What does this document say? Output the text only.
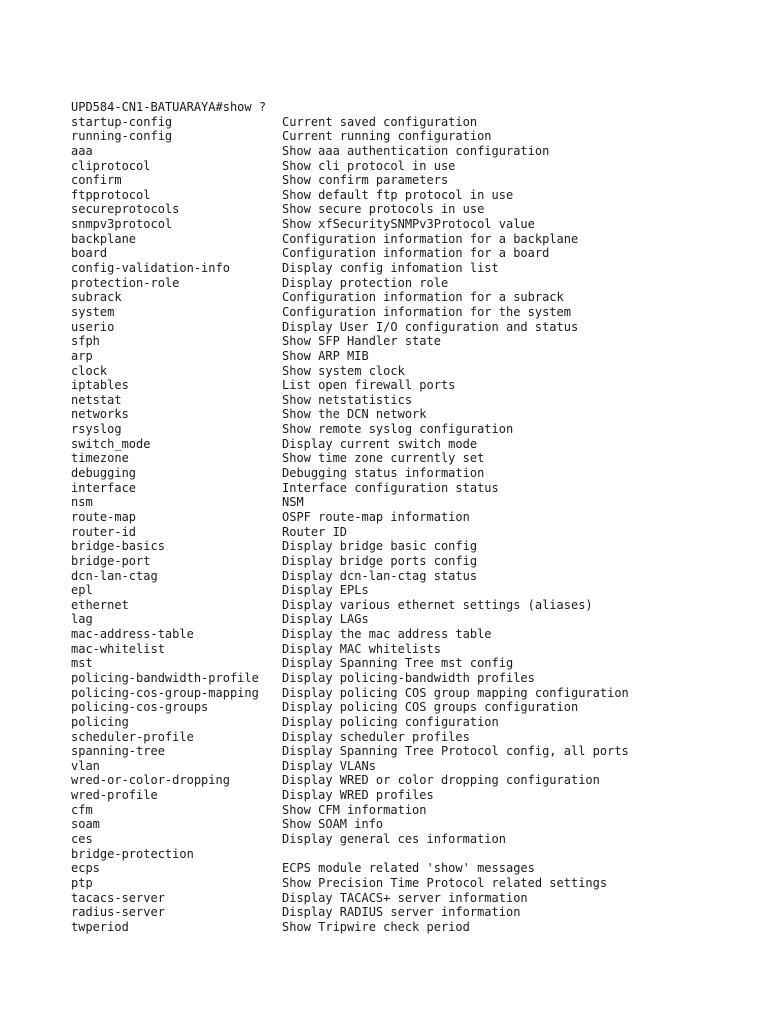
UPD584-CN1-BATUARAYA#show ?
startup-config	Current saved configuration
running-config	Current running configuration
aaa	Show aaa authentication configuration
cliprotocol	Show cli protocol in use
confirm	Show confirm parameters
ftpprotocol	Show default ftp protocol in use
secureprotocols	Show secure protocols in use
snmpv3protocol	Show xfSecuritySNMPv3Protocol value
backplane	Configuration information for a backplane
board	Configuration information for a board
config-validation-info	Display config infomation list
protection-role	Display protection role
subrack	Configuration information for a subrack
system	Configuration information for the system
userio	Display User I/O configuration and status
sfph	Show SFP Handler state
arp	Show ARP MIB
clock	Show system clock
iptables	List open firewall ports
netstat	Show netstatistics
networks	Show the DCN network
rsyslog	Show remote syslog configuration
switch_mode	Display current switch mode
timezone	Show time zone currently set
debugging	Debugging status information
interface	Interface configuration status
nsm	NSM
route-map	OSPF route-map information
router-id	Router ID
bridge-basics	Display bridge basic config
bridge-port	Display bridge ports config
dcn-lan-ctag	Display dcn-lan-ctag status
epl	Display EPLs
ethernet	Display various ethernet settings (aliases)
lag	Display LAGs
mac-address-table	Display the mac address table
mac-whitelist	Display MAC whitelists
mst	Display Spanning Tree mst config
policing-bandwidth-profile	Display policing-bandwidth profiles
policing-cos-group-mapping	Display policing COS group mapping configuration
policing-cos-groups	Display policing COS groups configuration
policing	Display policing configuration
scheduler-profile	Display scheduler profiles
spanning-tree	Display Spanning Tree Protocol config, all ports
vlan	Display VLANs
wred-or-color-dropping	Display WRED or color dropping configuration
wred-profile	Display WRED profiles
cfm	Show CFM information
soam	Show SOAM info
ces	Display general ces information
bridge-protection
ecps	ECPS module related 'show' messages
ptp	Show Precision Time Protocol related settings
tacacs-server	Display TACACS+ server information
radius-server	Display RADIUS server information
twperiod	Show Tripwire check period
